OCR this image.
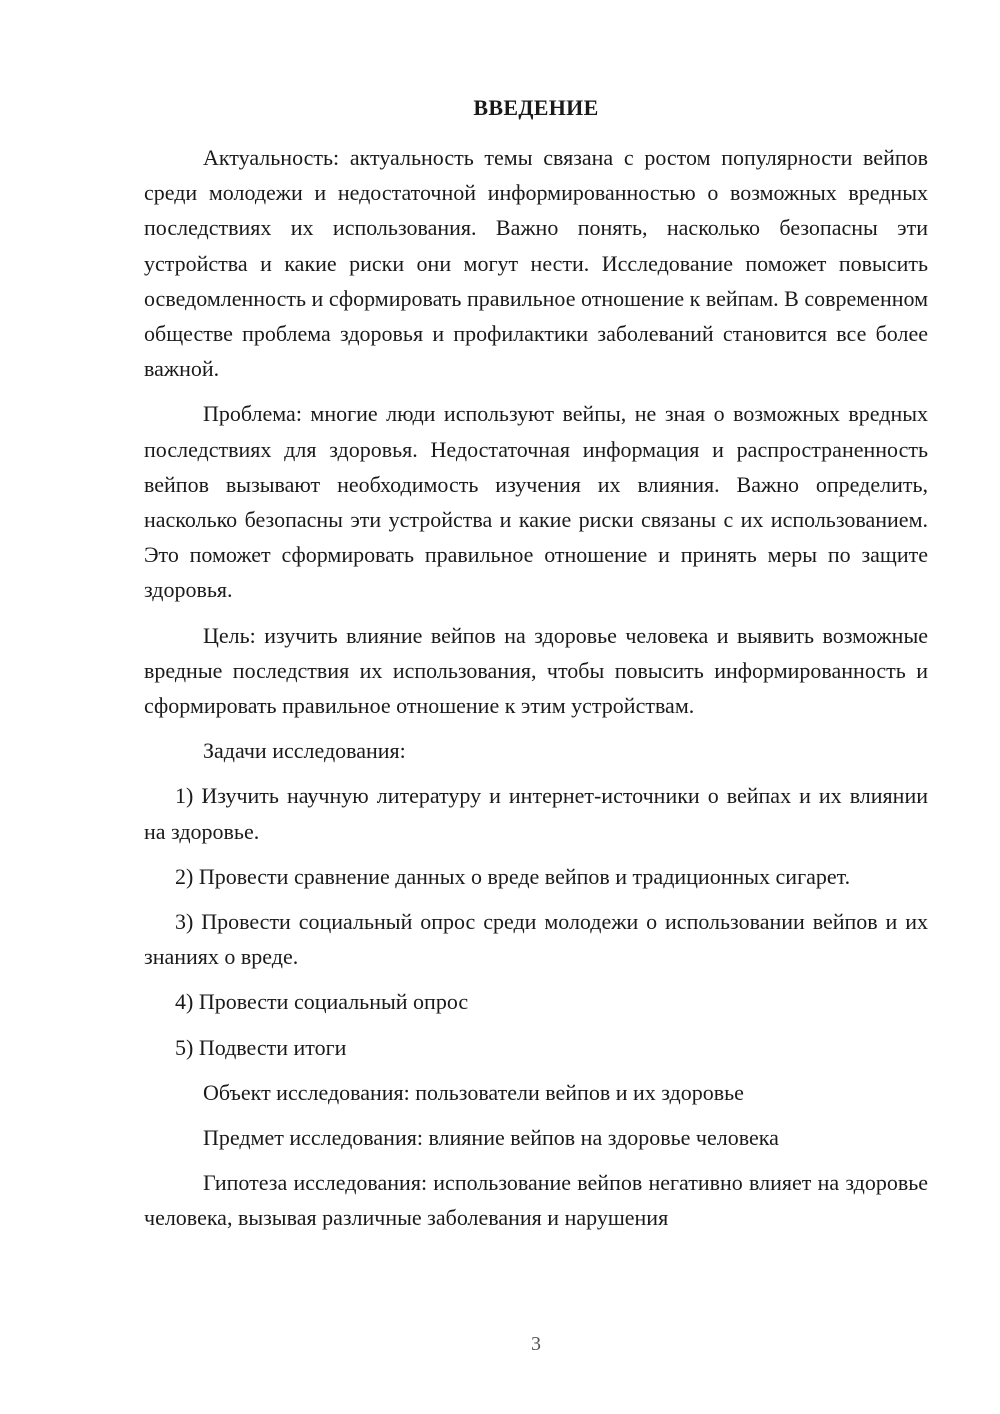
ВВЕДЕНИЕ

Актуальность: актуальность темы связана с ростом популярности вейпов среди молодежи и недостаточной информированностью о возможных вредных последствиях их использования. Важно понять, насколько безопасны эти устройства и какие риски они могут нести. Исследование поможет повысить осведомленность и сформировать правильное отношение к вейпам. В современном обществе проблема здоровья и профилактики заболеваний становится все более важной.

Проблема: многие люди используют вейпы, не зная о возможных вредных последствиях для здоровья. Недостаточная информация и распространенность вейпов вызывают необходимость изучения их влияния. Важно определить, насколько безопасны эти устройства и какие риски связаны с их использованием. Это поможет сформировать правильное отношение и принять меры по защите здоровья.

Цель: изучить влияние вейпов на здоровье человека и выявить возможные вредные последствия их использования, чтобы повысить информированность и сформировать правильное отношение к этим устройствам.

Задачи исследования:

1) Изучить научную литературу и интернет-источники о вейпах и их влиянии на здоровье.

2) Провести сравнение данных о вреде вейпов и традиционных сигарет.

3) Провести социальный опрос среди молодежи о использовании вейпов и их знаниях о вреде.

4) Провести социальный опрос

5) Подвести итоги

Объект исследования: пользователи вейпов и их здоровье

Предмет исследования: влияние вейпов на здоровье человека

Гипотеза исследования: использование вейпов негативно влияет на здоровье человека, вызывая различные заболевания и нарушения

3
